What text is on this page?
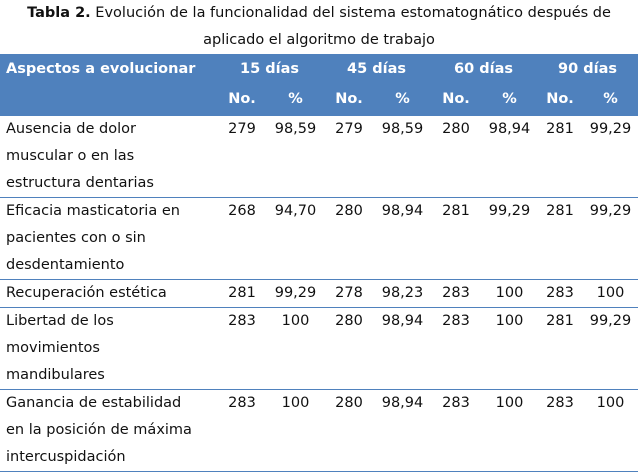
Tabla 2. Evolución de la funcionalidad del sistema estomatognático después de
aplicado el algoritmo de trabajo
Aspectos a evolucionar	15 días		45 días		60 días		90 días	
	No.	%	No.	%	No.	%	No.	%

Ausencia de dolor
muscular o en las
estructura dentarias	279	98,59	279	98,59	280	98,94	281	99,29

Eficacia masticatoria en
pacientes con o sin
desdentamiento	268	94,70	280	98,94	281	99,29	281	99,29

Recuperación estética	281	99,29	278	98,23	283	100	283	100

Libertad de los
movimientos
mandibulares	283	100	280	98,94	283	100	281	99,29

Ganancia de estabilidad
en la posición de máxima
intercuspidación	283	100	280	98,94	283	100	283	100
